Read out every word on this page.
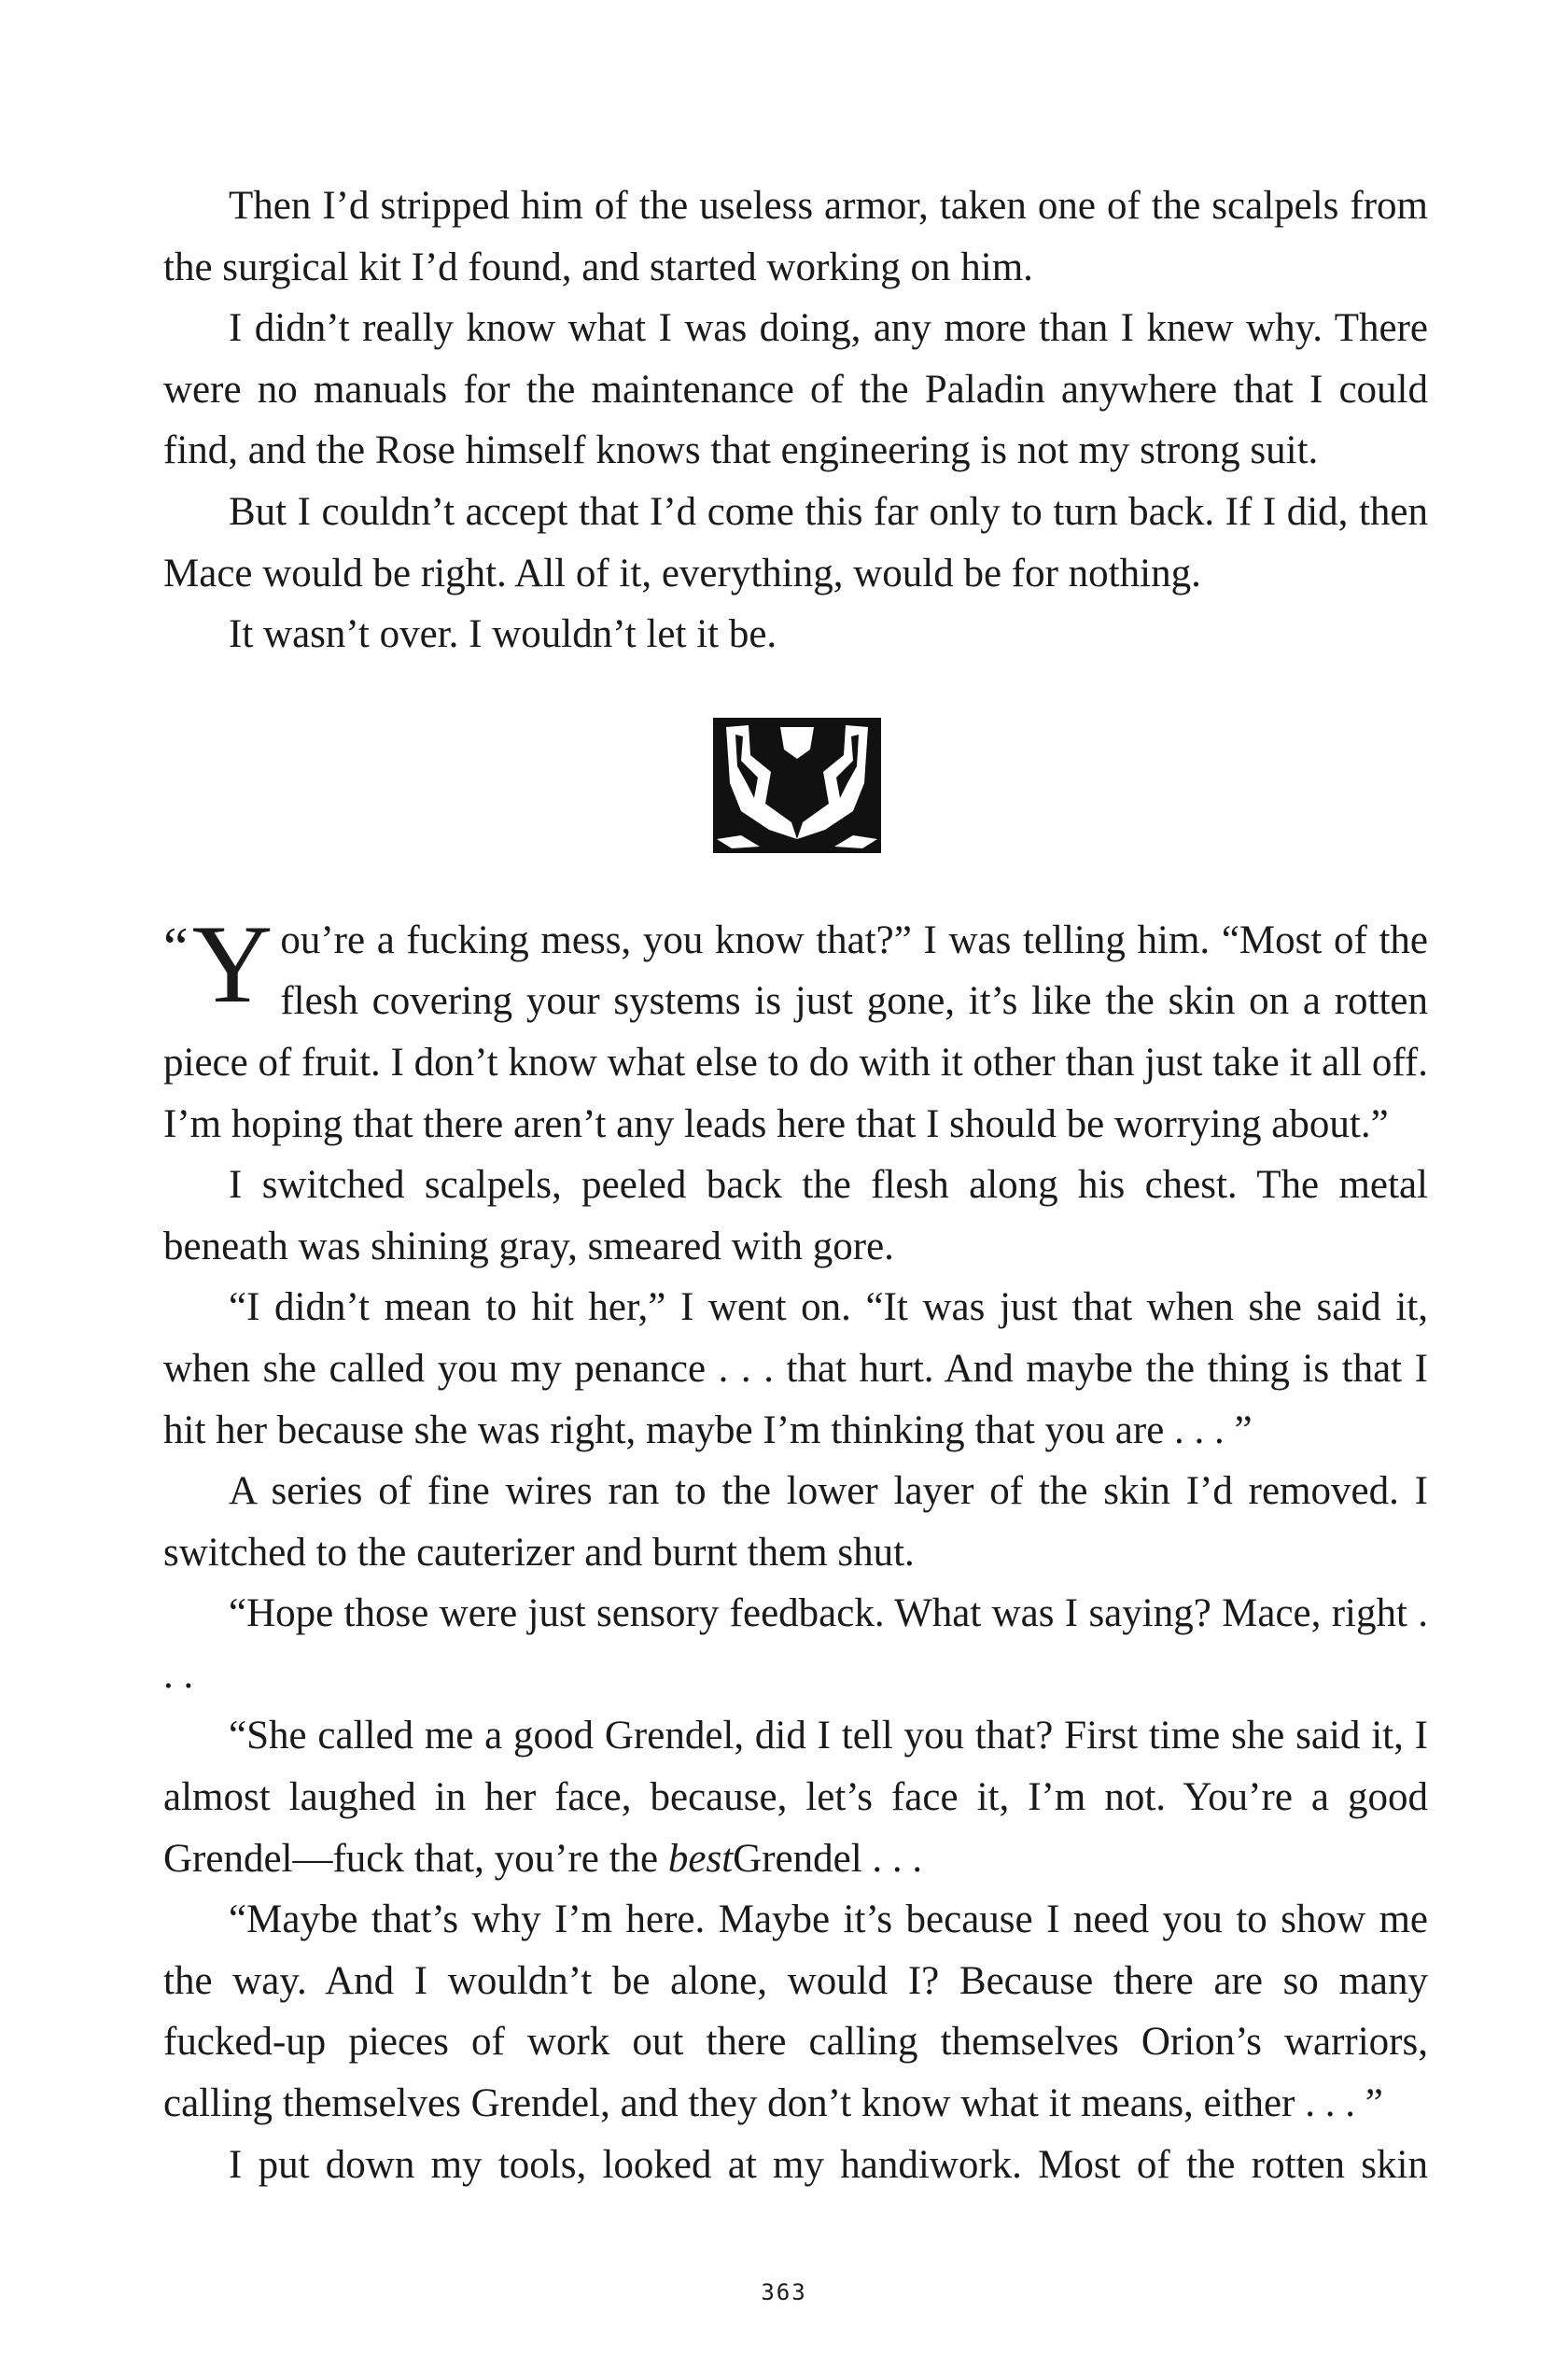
Then I’d stripped him of the useless armor, taken one of the scalpels from the surgical kit I’d found, and started working on him.

I didn’t really know what I was doing, any more than I knew why. There were no manuals for the maintenance of the Paladin anywhere that I could find, and the Rose himself knows that engineering is not my strong suit.

But I couldn’t accept that I’d come this far only to turn back. If I did, then Mace would be right. All of it, everything, would be for nothing.

It wasn’t over. I wouldn’t let it be.

“Y ou’re a fucking mess, you know that?” I was telling him. “Most of the flesh covering your systems is just gone, it’s like the skin on a rotten piece of fruit. I don’t know what else to do with it other than just take it all off. I’m hoping that there aren’t any leads here that I should be worrying about.”

I switched scalpels, peeled back the flesh along his chest. The metal beneath was shining gray, smeared with gore.

“I didn’t mean to hit her,” I went on. “It was just that when she said it, when she called you my penance . . . that hurt. And maybe the thing is that I hit her because she was right, maybe I’m thinking that you are . . . ”

A series of fine wires ran to the lower layer of the skin I’d removed. I switched to the cauterizer and burnt them shut.

“Hope those were just sensory feedback. What was I saying? Mace, right . . .

“She called me a good Grendel, did I tell you that? First time she said it, I almost laughed in her face, because, let’s face it, I’m not. You’re a good Grendel—fuck that, you’re the bestGrendel . . .

“Maybe that’s why I’m here. Maybe it’s because I need you to show me the way. And I wouldn’t be alone, would I? Because there are so many fucked-up pieces of work out there calling themselves Orion’s warriors, calling themselves Grendel, and they don’t know what it means, either . . . ”

I put down my tools, looked at my handiwork. Most of the rotten skin

363
